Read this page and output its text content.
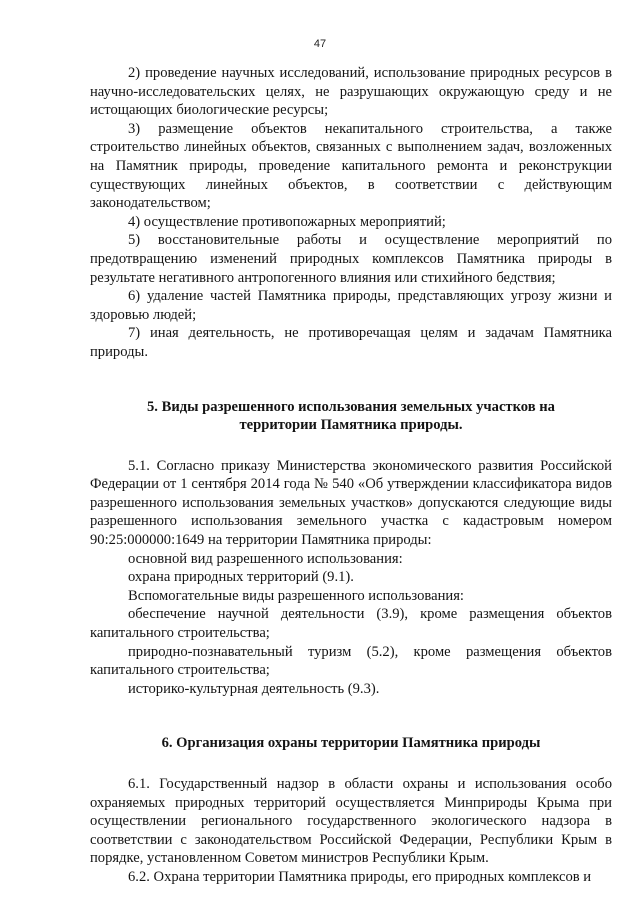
47

2) проведение научных исследований, использование природных ресурсов в научно-исследовательских целях, не разрушающих окружающую среду и не истощающих биологические ресурсы;

3) размещение объектов некапитального строительства, а также строительство линейных объектов, связанных с выполнением задач, возложенных на Памятник природы, проведение капитального ремонта и реконструкции существующих линейных объектов, в соответствии с действующим законодательством;

4) осуществление противопожарных мероприятий;

5) восстановительные работы и осуществление мероприятий по предотвращению изменений природных комплексов Памятника природы в результате негативного антропогенного влияния или стихийного бедствия;

6) удаление частей Памятника природы, представляющих угрозу жизни и здоровью людей;

7) иная деятельность, не противоречащая целям и задачам Памятника природы.

5. Виды разрешенного использования земельных участков на

территории Памятника природы.

5.1. Согласно приказу Министерства экономического развития Российской Федерации от 1 сентября 2014 года № 540 «Об утверждении классификатора видов разрешенного использования земельных участков» допускаются следующие виды разрешенного использования земельного участка с кадастровым номером 90:25:000000:1649 на территории Памятника природы:

основной вид разрешенного использования:

охрана природных территорий (9.1).

Вспомогательные виды разрешенного использования:

обеспечение научной деятельности (3.9), кроме размещения объектов капитального строительства;

природно-познавательный туризм (5.2), кроме размещения объектов капитального строительства;

историко-культурная деятельность (9.3).

6. Организация охраны территории Памятника природы

6.1. Государственный надзор в области охраны и использования особо охраняемых природных территорий осуществляется Минприроды Крыма при осуществлении регионального государственного экологического надзора в соответствии с законодательством Российской Федерации, Республики Крым в порядке, установленном Советом министров Республики Крым.

6.2. Охрана территории Памятника природы, его природных комплексов и
